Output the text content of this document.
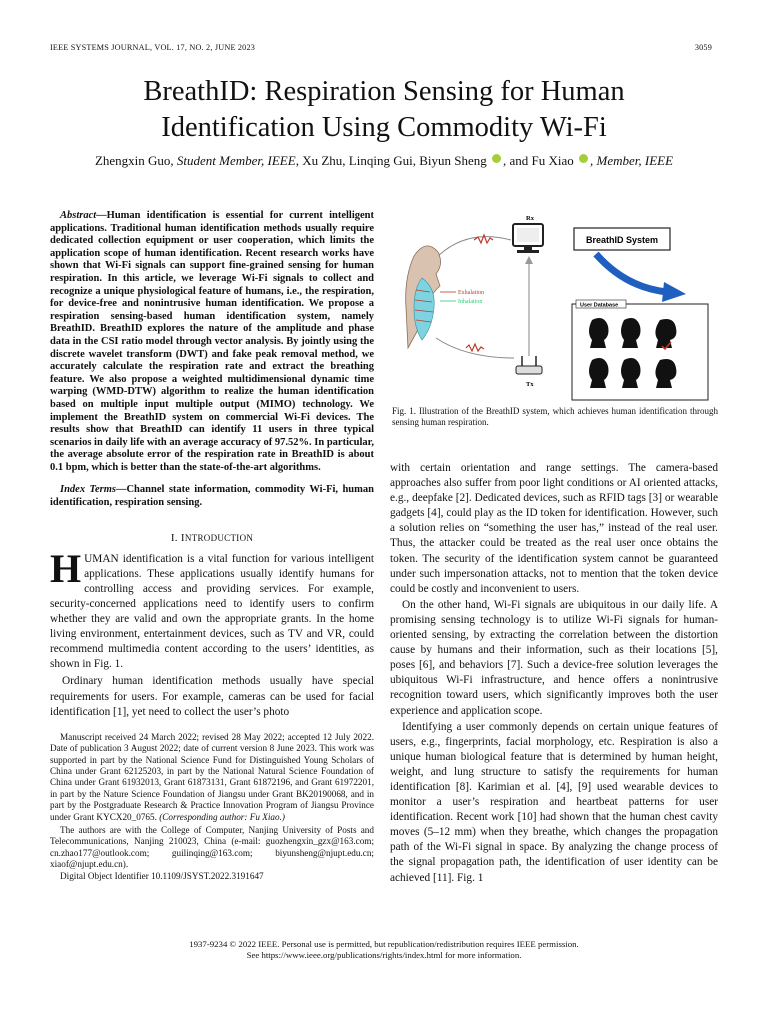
IEEE SYSTEMS JOURNAL, VOL. 17, NO. 2, JUNE 2023	3059
BreathID: Respiration Sensing for Human
Identification Using Commodity Wi-Fi
Zhengxin Guo, Student Member, IEEE, Xu Zhu, Linqing Gui, Biyun Sheng , and Fu Xiao , Member, IEEE
Abstract—Human identification is essential for current intelligent applications. Traditional human identification methods usually require dedicated collection equipment or user cooperation, which limits the application scope of human identification. Recent research works have shown that Wi-Fi signals can support fine-grained sensing for human respiration. In this article, we leverage Wi-Fi signals to collect and recognize a unique physiological feature of humans, i.e., the respiration, for device-free and nonintrusive human identification. We propose a respiration sensing-based human identification system, namely BreathID. BreathID explores the nature of the amplitude and phase data in the CSI ratio model through vector analysis. By jointly using the discrete wavelet transform (DWT) and fake peak removal method, we accurately calculate the respiration rate and extract the breathing feature. We also propose a weighted multidimensional dynamic time warping (WMD-DTW) algorithm to realize the human identification based on multiple input multiple output (MIMO) technology. We implement the BreathID system on commercial Wi-Fi devices. The results show that BreathID can identify 11 users in three typical scenarios in daily life with an average accuracy of 97.52%. In particular, the average absolute error of the respiration rate in BreathID is about 0.1 bpm, which is better than the state-of-the-art algorithms.
Index Terms—Channel state information, commodity Wi-Fi, human identification, respiration sensing.
I. INTRODUCTION
HUMAN identification is a vital function for various intelligent applications. These applications usually identify humans for controlling access and providing services. For example, security-concerned applications need to identify users to confirm whether they are valid and own the appropriate grants. In the home living environment, entertainment devices, such as TV and VR, could recommend multimedia content according to the users’ identities, as shown in Fig. 1.
Ordinary human identification methods usually have special requirements for users. For example, cameras can be used for facial identification [1], yet need to collect the user’s photo
Manuscript received 24 March 2022; revised 28 May 2022; accepted 12 July 2022. Date of publication 3 August 2022; date of current version 8 June 2023. This work was supported in part by the National Science Fund for Distinguished Young Scholars of China under Grant 62125203, in part by the National Natural Science Foundation of China under Grant 61932013, Grant 61873131, Grant 61872196, and Grant 61972201, in part by the Nature Science Foundation of Jiangsu under Grant BK20190068, and in part by the Postgraduate Research & Practice Innovation Program of Jiangsu Province under Grant KYCX20_0765. (Corresponding author: Fu Xiao.)
The authors are with the College of Computer, Nanjing University of Posts and Telecommunications, Nanjing 210023, China (e-mail: guozhengxin_gzx@163.com; cn.zhao177@outlook.com; guilinqing@163.com; biyunsheng@njupt.edu.cn; xiaof@njupt.edu.cn).
Digital Object Identifier 10.1109/JSYST.2022.3191647
Rx
Exhalation
Inhalation
Tx
BreathID System
User Database
Fig. 1. Illustration of the BreathID system, which achieves human identification through sensing human respiration.
with certain orientation and range settings. The camera-based approaches also suffer from poor light conditions or AI oriented attacks, e.g., deepfake [2]. Dedicated devices, such as RFID tags [3] or wearable gadgets [4], could play as the ID token for identification. However, such a solution relies on “something the user has,” instead of the real user. Thus, the attacker could be treated as the real user once obtains the token. The security of the identification system cannot be guaranteed under such impersonation attacks, not to mention that the token device could be costly and inconvenient to users.
On the other hand, Wi-Fi signals are ubiquitous in our daily life. A promising sensing technology is to utilize Wi-Fi signals for human-oriented sensing, by extracting the correlation between the distortion cause by humans and their information, such as their locations [5], poses [6], and behaviors [7]. Such a device-free solution leverages the ubiquitous Wi-Fi infrastructure, and hence offers a nonintrusive recognition toward users, which significantly improves both the user experience and application scope.
Identifying a user commonly depends on certain unique features of users, e.g., fingerprints, facial morphology, etc. Respiration is also a unique human biological feature that is determined by human height, weight, and lung structure to satisfy the requirements for human identification [8]. Karimian et al. [4], [9] used wearable devices to monitor a user’s respiration and heartbeat patterns for user identification. Recent work [10] had shown that the human chest cavity moves (5–12 mm) when they breathe, which changes the propagation path of the Wi-Fi signal in space. By analyzing the change process of the signal propagation path, the identification of user identity can be achieved [11]. Fig. 1
1937-9234 © 2022 IEEE. Personal use is permitted, but republication/redistribution requires IEEE permission.
See https://www.ieee.org/publications/rights/index.html for more information.
